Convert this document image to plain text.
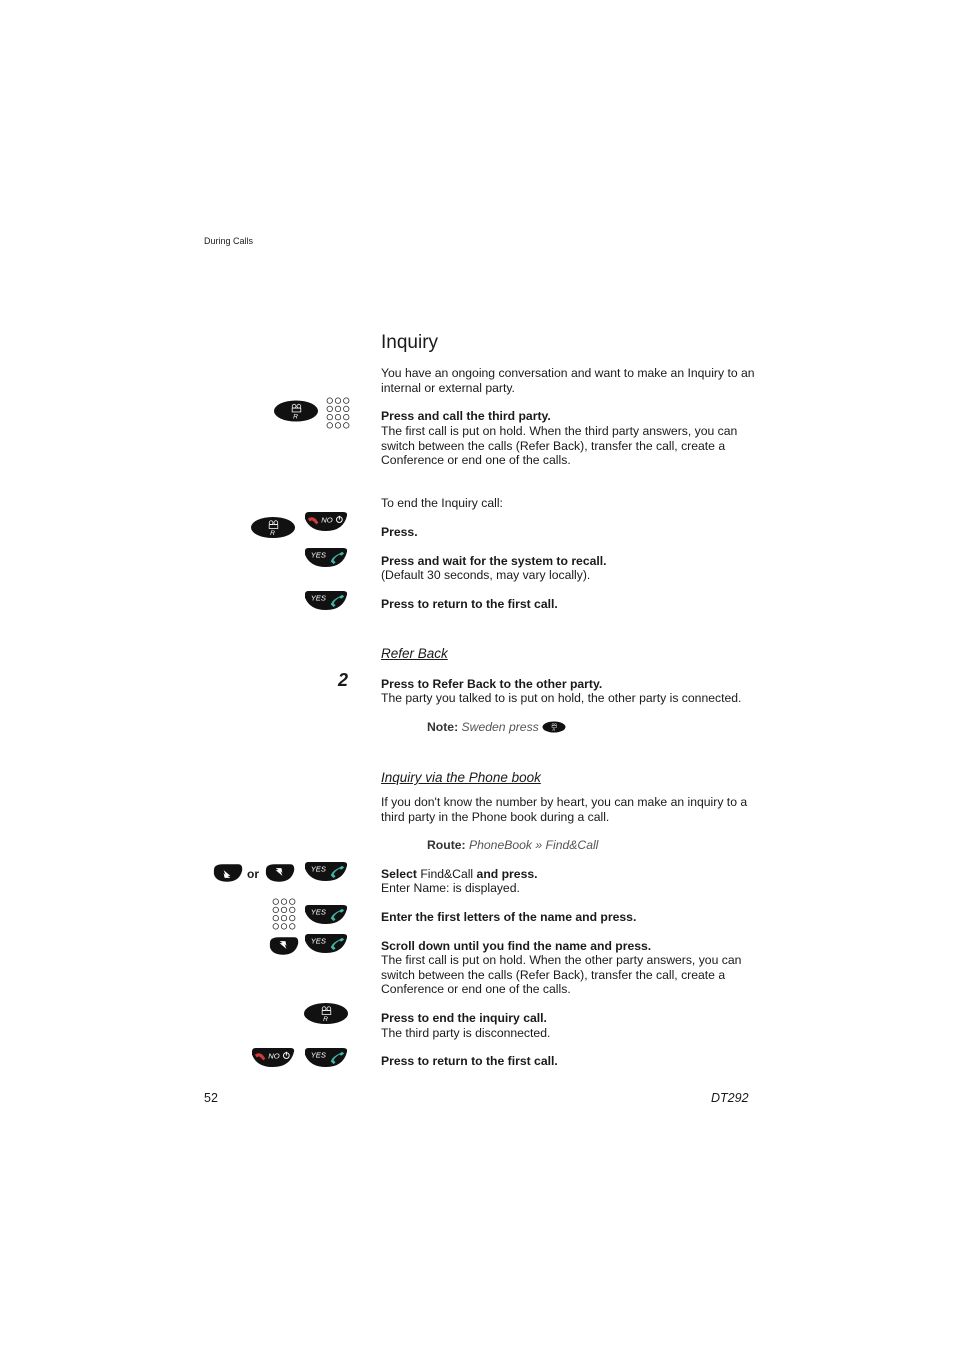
During Calls
Inquiry
You have an ongoing conversation and want to make an Inquiry to an internal or external party.
Press and call the third party.
The first call is put on hold. When the third party answers, you can switch between the calls (Refer Back), transfer the call, create a Conference or end one of the calls.
To end the Inquiry call:
Press.
Press and wait for the system to recall.
(Default 30 seconds, may vary locally).
Press to return to the first call.
Refer Back
2	Press to Refer Back to the other party.
The party you talked to is put on hold, the other party is connected.
Note: Sweden press
Inquiry via the Phone book
If you don't know the number by heart, you can make an inquiry to a third party in the Phone book during a call.
Route: PhoneBook » Find&Call
or	Select Find&Call and press.
Enter Name: is displayed.
Enter the first letters of the name and press.
Scroll down until you find the name and press.
The first call is put on hold. When the other party answers, you can switch between the calls (Refer Back), transfer the call, create a Conference or end one of the calls.
Press to end the inquiry call.
The third party is disconnected.
Press to return to the first call.
52	DT292
